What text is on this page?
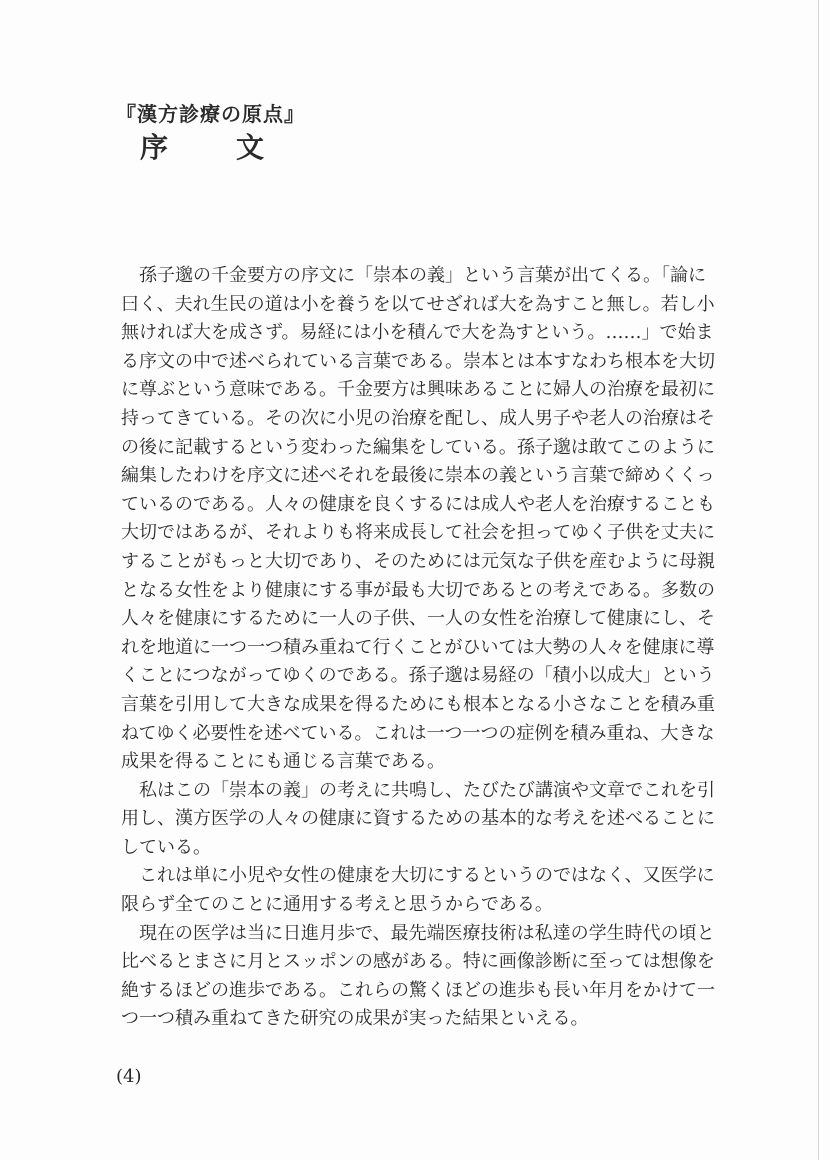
『漢方診療の原点』
序　　文
　孫子邈の千金要方の序文に「崇本の義」という言葉が出てくる。「論に
曰く、夫れ生民の道は小を養うを以てせざれば大を為すこと無し。若し小
無ければ大を成さず。易経には小を積んで大を為すという。……」で始ま
る序文の中で述べられている言葉である。崇本とは本すなわち根本を大切
に尊ぶという意味である。千金要方は興味あることに婦人の治療を最初に
持ってきている。その次に小児の治療を配し、成人男子や老人の治療はそ
の後に記載するという変わった編集をしている。孫子邈は敢てこのように
編集したわけを序文に述べそれを最後に崇本の義という言葉で締めくくっ
ているのである。人々の健康を良くするには成人や老人を治療することも
大切ではあるが、それよりも将来成長して社会を担ってゆく子供を丈夫に
することがもっと大切であり、そのためには元気な子供を産むように母親
となる女性をより健康にする事が最も大切であるとの考えである。多数の
人々を健康にするために一人の子供、一人の女性を治療して健康にし、そ
れを地道に一つ一つ積み重ねて行くことがひいては大勢の人々を健康に導
くことにつながってゆくのである。孫子邈は易経の「積小以成大」という
言葉を引用して大きな成果を得るためにも根本となる小さなことを積み重
ねてゆく必要性を述べている。これは一つ一つの症例を積み重ね、大きな
成果を得ることにも通じる言葉である。
　私はこの「崇本の義」の考えに共鳴し、たびたび講演や文章でこれを引
用し、漢方医学の人々の健康に資するための基本的な考えを述べることに
している。
　これは単に小児や女性の健康を大切にするというのではなく、又医学に
限らず全てのことに通用する考えと思うからである。
　現在の医学は当に日進月歩で、最先端医療技術は私達の学生時代の頃と
比べるとまさに月とスッポンの感がある。特に画像診断に至っては想像を
絶するほどの進歩である。これらの驚くほどの進歩も長い年月をかけて一
つ一つ積み重ねてきた研究の成果が実った結果といえる。
(4)
